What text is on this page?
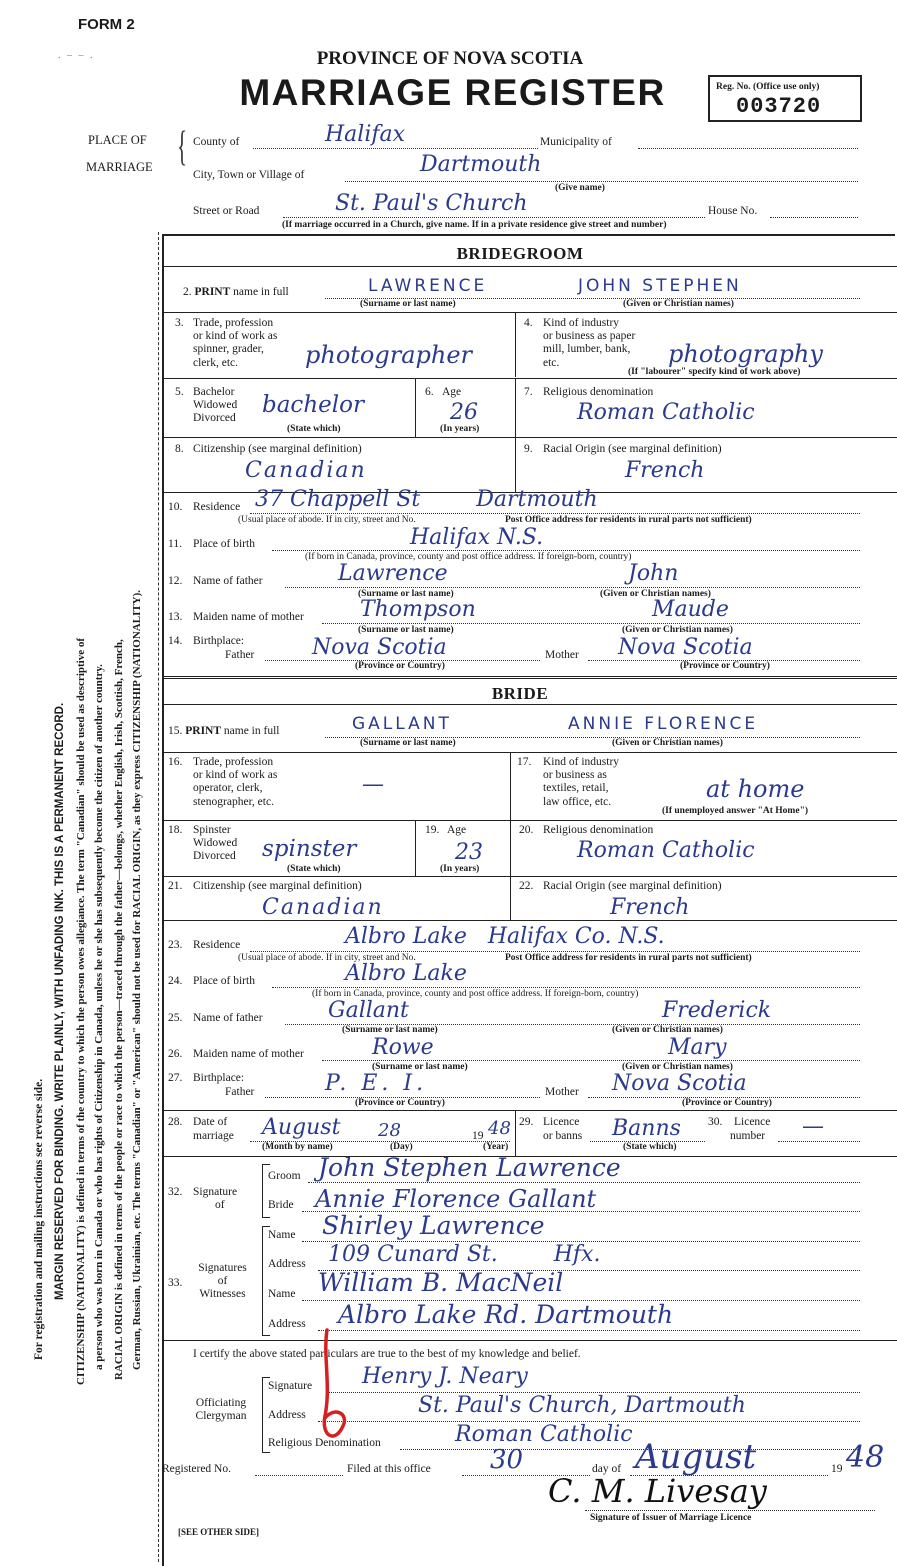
FORM 2
. – – .	PROVINCE OF NOVA SCOTIA
MARRIAGE REGISTER	Reg. No. (Office use only)
003720
PLACE OF
MARRIAGE { County of	Halifax	Municipality of
City, Town or Village of	Dartmouth
(Give name)
Street or Road	St. Paul's Church	House No.
(If marriage occurred in a Church, give name. If in a private residence give street and number)
For registration and mailing instructions see reverse side. MARGIN RESERVED FOR BINDING. WRITE PLAINLY, WITH UNFADING INK. THIS IS A PERMANENT RECORD. CITIZENSHIP (NATIONALITY) is defined in terms of the country to which the person owes allegiance. The term "Canadian" should be used as descriptive of a person who was born in Canada or who has rights of Citizenship in Canada, unless he or she has subsequently become the citizen of another country. RACIAL ORIGIN is defined in terms of the people or race to which the person—traced through the father—belongs, whether English, Irish, Scottish, French, German, Russian, Ukrainian, etc. The terms "Canadian" or "American" should not be used for RACIAL ORIGIN, as they express CITIZENSHIP (NATIONALITY).
BRIDEGROOM
2. PRINT name in full	LAWRENCE	JOHN STEPHEN
(Surname or last name)	(Given or Christian names)
3. Trade, profession
or kind of work as
spinner, grader,
clerk, etc.	photographer
4. Kind of industry
or business as paper
mill, lumber, bank,
etc.	photography
(If "labourer" specify kind of work above)
5. Bachelor
Widowed
Divorced
bachelor
(State which)
6. Age
26
(In years)
7. Religious denomination
Roman Catholic
8. Citizenship (see marginal definition)
Canadian
9. Racial Origin (see marginal definition)
French
10. Residence 37 Chappell St        Dartmouth
(Usual place of abode. If in city, street and No.	Post Office address for residents in rural parts not sufficient)
11. Place of birth	Halifax N.S.
(If born in Canada, province, county and post office address. If foreign-born, country)
12. Name of father	Lawrence	John
(Surname or last name)	(Given or Christian names)
13. Maiden name of mother	Thompson	Maude
(Surname or last name)	(Given or Christian names)
14. Birthplace:
Father	Nova Scotia	Mother Nova Scotia
(Province or Country)	(Province or Country)
BRIDE
15. PRINT name in full	GALLANT	ANNIE FLORENCE
(Surname or last name)	(Given or Christian names)
16. Trade, profession
or kind of work as
operator, clerk,
stenographer, etc.
—
17. Kind of industry
or business as
textiles, retail,
law office, etc.	at home
(If unemployed answer "At Home")
18. Spinster
Widowed
Divorced spinster
(State which)
19. Age
23
(In years)
20. Religious denomination
Roman Catholic
21. Citizenship (see marginal definition)
Canadian
22. Racial Origin (see marginal definition)
French
23. Residence	Albro Lake   Halifax Co. N.S.
(Usual place of abode. If in city, street and No.	Post Office address for residents in rural parts not sufficient)
24. Place of birth	Albro Lake
(If born in Canada, province, county and post office address. If foreign-born, country)
25. Name of father	Gallant	Frederick
(Surname or last name)	(Given or Christian names)
26. Maiden name of mother	Rowe	Mary
(Surname or last name)	(Given or Christian names)
27. Birthplace:
Father	P. E. I.	Mother Nova Scotia
(Province or Country)	(Province or Country)
28. Date of
marriage August 28	19 48
(Month by name)	(Day)	(Year)
29. Licence
or banns Banns
(State which)
30. Licence
number —
32. Signature
of
Groom John Stephen Lawrence
Bride Annie Florence Gallant
33.
Signatures
of
Witnesses
Name Shirley Lawrence
Address 109 Cunard St.        Hfx.
Name William B. MacNeil
Address Albro Lake Rd. Dartmouth
I certify the above stated particulars are true to the best of my knowledge and belief.
Officiating
Clergyman
Signature Henry J. Neary
Address	St. Paul's Church, Dartmouth
Religious Denomination	Roman Catholic
Registered No.	Filed at this office 30	day of August	19 48
C. M. Livesay
Signature of Issuer of Marriage Licence
[SEE OTHER SIDE]
